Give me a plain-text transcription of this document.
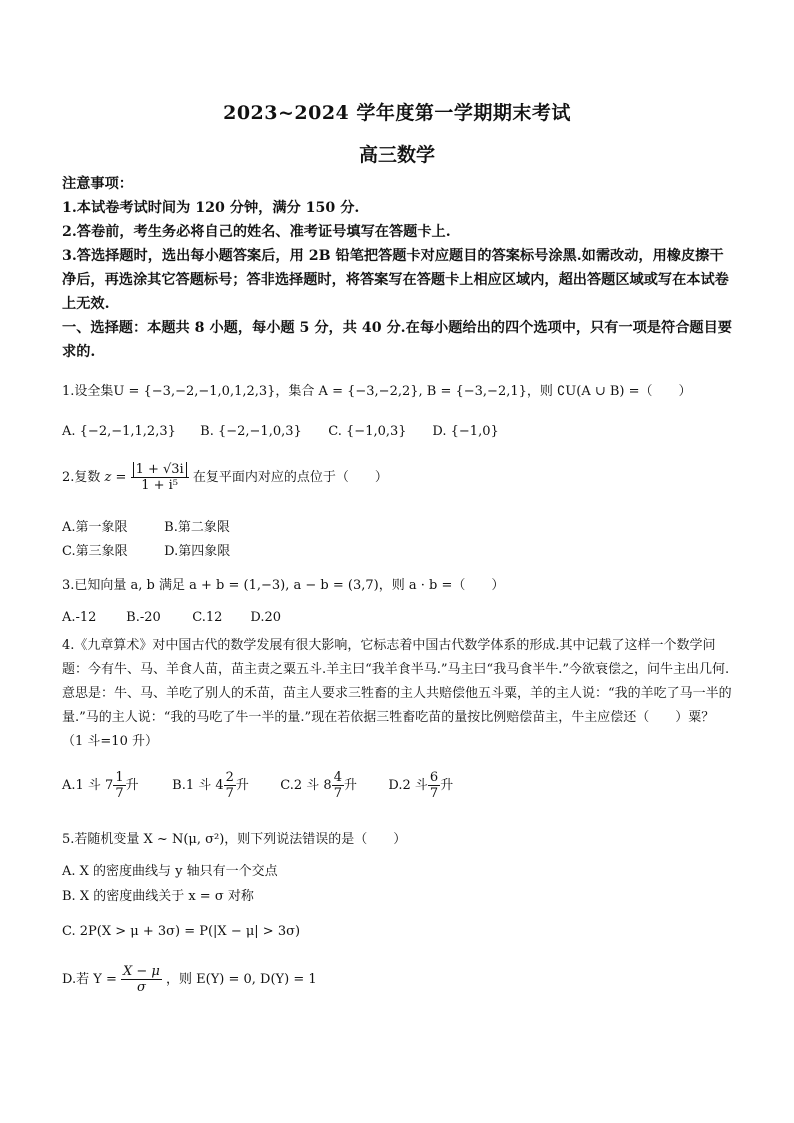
2023~2024 学年度第一学期期末考试
高三数学
注意事项：
1.本试卷考试时间为 120 分钟，满分 150 分.
2.答卷前，考生务必将自己的姓名、准考证号填写在答题卡上.
3.答选择题时，选出每小题答案后，用 2B 铅笔把答题卡对应题目的答案标号涂黑.如需改动，用橡皮擦干净后，再选涂其它答题标号；答非选择题时，将答案写在答题卡上相应区域内，超出答题区域或写在本试卷上无效.
一、选择题：本题共 8 小题，每小题 5 分，共 40 分.在每小题给出的四个选项中，只有一项是符合题目要求的.
1.设全集U = {−3,−2,−1,0,1,2,3}，集合 A = {−3,−2,2}, B = {−3,−2,1}，则 ∁U(A ∪ B) =（　　）
A. {−2,−1,1,2,3} B. {−2,−1,0,3} C. {−1,0,3} D. {−1,0}
2.复数 $z = \frac{1 + √3i}{\text{1 + i⁵}}$ 在复平面内对应的点位于（　　）
A.第一象限	B.第二象限
C.第三象限	D.第四象限
3.已知向量 a, b 满足 a + b = (1,−3), a − b = (3,7)，则 a · b =（　　）
A.-12 B.-20 C.12 D.20
4.《九章算术》对中国古代的数学发展有很大影响，它标志着中国古代数学体系的形成.其中记载了这样一个数学问题：今有牛、马、羊食人苗，苗主责之粟五斗.羊主曰“我羊食半马.”马主曰“我马食半牛.”今欲衰偿之，问牛主出几何.意思是：牛、马、羊吃了别人的禾苗，苗主人要求三牲畜的主人共赔偿他五斗粟，羊的主人说：“我的羊吃了马一半的量.”马的主人说：“我的马吃了牛一半的量.”现在若依据三牲畜吃苗的量按比例赔偿苗主，牛主应偿还（　　）粟？（1 斗=10 升）
A.1 斗 $7 \frac{1}{7}$ 升	B.1 斗 $4 \frac{2}{7}$ 升 C.2 斗 $8 \frac{4}{7}$ 升 D.2 斗 $\frac{6}{7}$ 升
5.若随机变量 X ~ N(μ, σ²)，则下列说法错误的是（　　）
A. X 的密度曲线与 y 轴只有一个交点
B. X 的密度曲线关于 x = σ 对称
C. 2P(X > μ + 3σ) = P(|X − μ| > 3σ)
D.若 $Y = \frac{X - \mu}{\sigma}$ ，则 E(Y) = 0, D(Y) = 1
